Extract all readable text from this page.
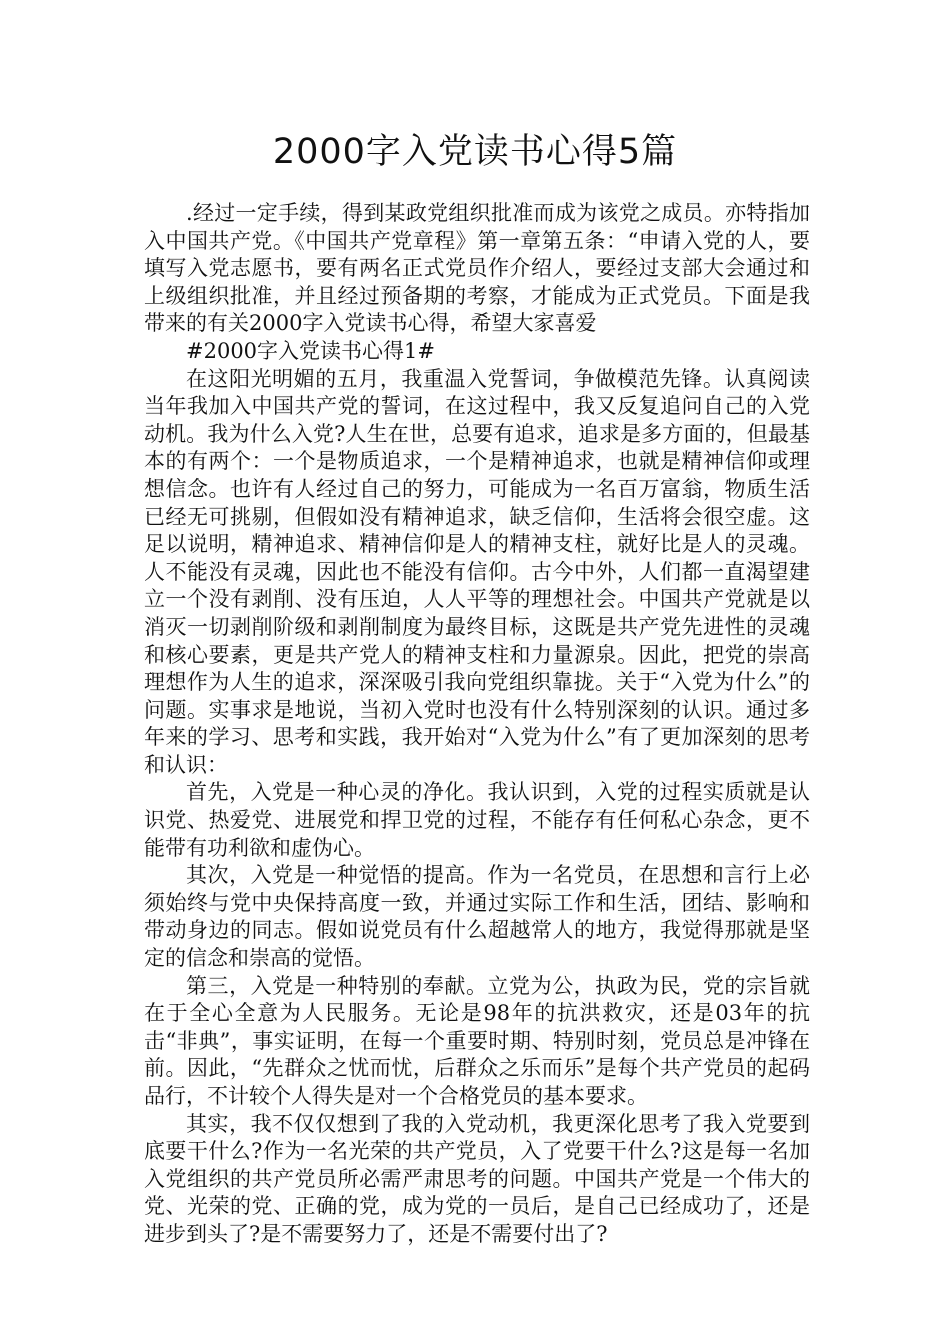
2000字入党读书心得5篇

.经过一定手续，得到某政党组织批准而成为该党之成员。亦特指加入中国共产党。《中国共产党章程》第一章第五条：“申请入党的人，要填写入党志愿书，要有两名正式党员作介绍人，要经过支部大会通过和上级组织批准，并且经过预备期的考察，才能成为正式党员。下面是我带来的有关2000字入党读书心得，希望大家喜爱

#2000字入党读书心得1#

在这阳光明媚的五月，我重温入党誓词，争做模范先锋。认真阅读当年我加入中国共产党的誓词，在这过程中，我又反复追问自己的入党动机。我为什么入党?人生在世，总要有追求，追求是多方面的，但最基本的有两个：一个是物质追求，一个是精神追求，也就是精神信仰或理想信念。也许有人经过自己的努力，可能成为一名百万富翁，物质生活已经无可挑剔，但假如没有精神追求，缺乏信仰，生活将会很空虚。这足以说明，精神追求、精神信仰是人的精神支柱，就好比是人的灵魂。人不能没有灵魂，因此也不能没有信仰。古今中外，人们都一直渴望建立一个没有剥削、没有压迫，人人平等的理想社会。中国共产党就是以消灭一切剥削阶级和剥削制度为最终目标，这既是共产党先进性的灵魂和核心要素，更是共产党人的精神支柱和力量源泉。因此，把党的崇高理想作为人生的追求，深深吸引我向党组织靠拢。关于“入党为什么”的问题。实事求是地说，当初入党时也没有什么特别深刻的认识。通过多年来的学习、思考和实践，我开始对“入党为什么”有了更加深刻的思考和认识：

首先，入党是一种心灵的净化。我认识到，入党的过程实质就是认识党、热爱党、进展党和捍卫党的过程，不能存有任何私心杂念，更不能带有功利欲和虚伪心。

其次，入党是一种觉悟的提高。作为一名党员，在思想和言行上必须始终与党中央保持高度一致，并通过实际工作和生活，团结、影响和带动身边的同志。假如说党员有什么超越常人的地方，我觉得那就是坚定的信念和崇高的觉悟。

第三，入党是一种特别的奉献。立党为公，执政为民，党的宗旨就在于全心全意为人民服务。无论是98年的抗洪救灾，还是03年的抗击“非典”，事实证明，在每一个重要时期、特别时刻，党员总是冲锋在前。因此，“先群众之忧而忧，后群众之乐而乐”是每个共产党员的起码品行，不计较个人得失是对一个合格党员的基本要求。

其实，我不仅仅想到了我的入党动机，我更深化思考了我入党要到底要干什么?作为一名光荣的共产党员，入了党要干什么?这是每一名加入党组织的共产党员所必需严肃思考的问题。中国共产党是一个伟大的党、光荣的党、正确的党，成为党的一员后，是自己已经成功了，还是进步到头了?是不需要努力了，还是不需要付出了?
